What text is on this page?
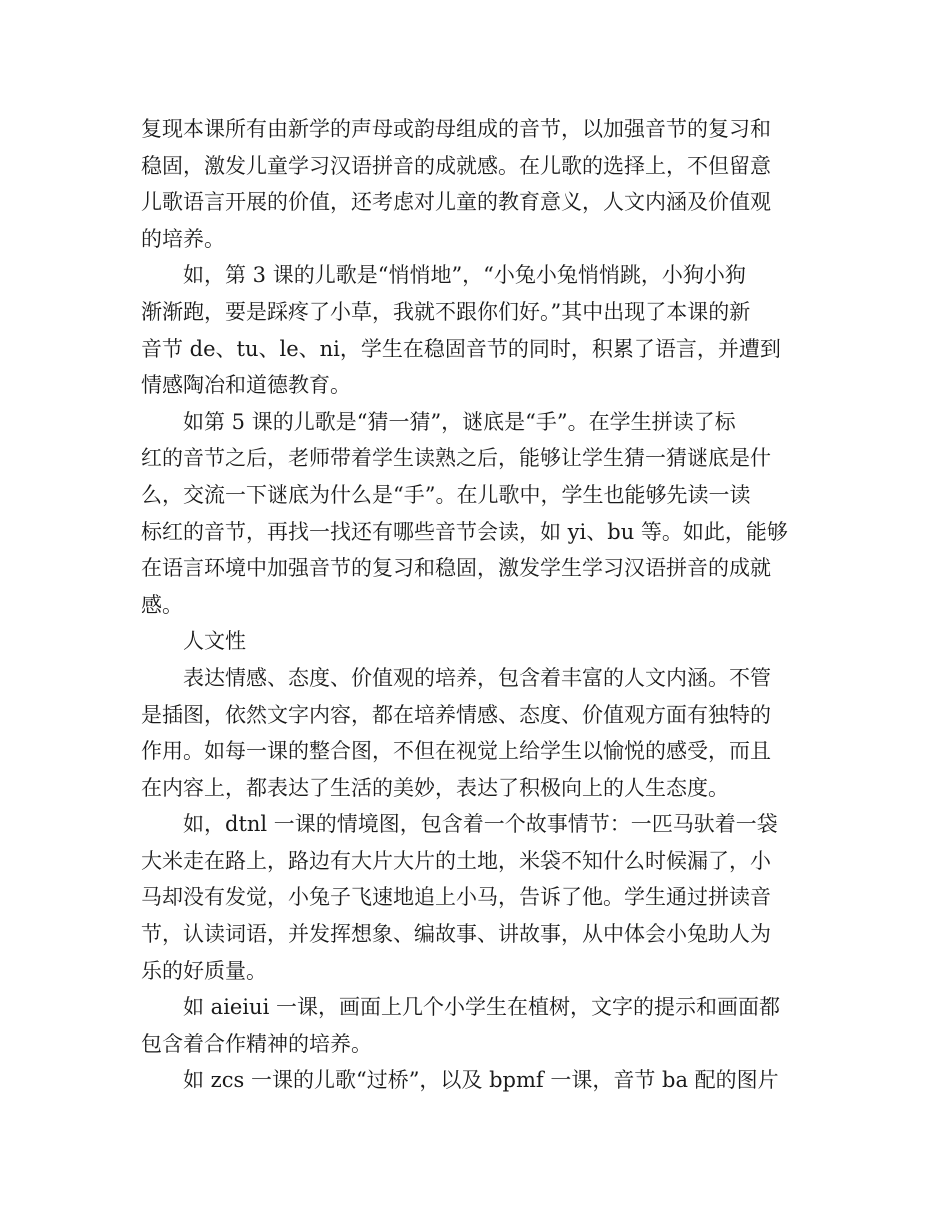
复现本课所有由新学的声母或韵母组成的音节，以加强音节的复习和
稳固，激发儿童学习汉语拼音的成就感。在儿歌的选择上，不但留意
儿歌语言开展的价值，还考虑对儿童的教育意义，人文内涵及价值观
的培养。
如，第 3 课的儿歌是“悄悄地”，“小兔小兔悄悄跳，小狗小狗
渐渐跑，要是踩疼了小草，我就不跟你们好。”其中出现了本课的新
音节 de、tu、le、ni，学生在稳固音节的同时，积累了语言，并遭到
情感陶冶和道德教育。
如第 5 课的儿歌是“猜一猜”，谜底是“手”。在学生拼读了标
红的音节之后，老师带着学生读熟之后，能够让学生猜一猜谜底是什
么，交流一下谜底为什么是“手”。在儿歌中，学生也能够先读一读
标红的音节，再找一找还有哪些音节会读，如 yi、bu 等。如此，能够
在语言环境中加强音节的复习和稳固，激发学生学习汉语拼音的成就
感。
人文性
表达情感、态度、价值观的培养，包含着丰富的人文内涵。不管
是插图，依然文字内容，都在培养情感、态度、价值观方面有独特的
作用。如每一课的整合图，不但在视觉上给学生以愉悦的感受，而且
在内容上，都表达了生活的美妙，表达了积极向上的人生态度。
如，dtnl 一课的情境图，包含着一个故事情节：一匹马驮着一袋
大米走在路上，路边有大片大片的土地，米袋不知什么时候漏了，小
马却没有发觉，小兔子飞速地追上小马，告诉了他。学生通过拼读音
节，认读词语，并发挥想象、编故事、讲故事，从中体会小兔助人为
乐的好质量。
如 aieiui 一课，画面上几个小学生在植树，文字的提示和画面都
包含着合作精神的培养。
如 zcs 一课的儿歌“过桥”，以及 bpmf 一课，音节 ba 配的图片
